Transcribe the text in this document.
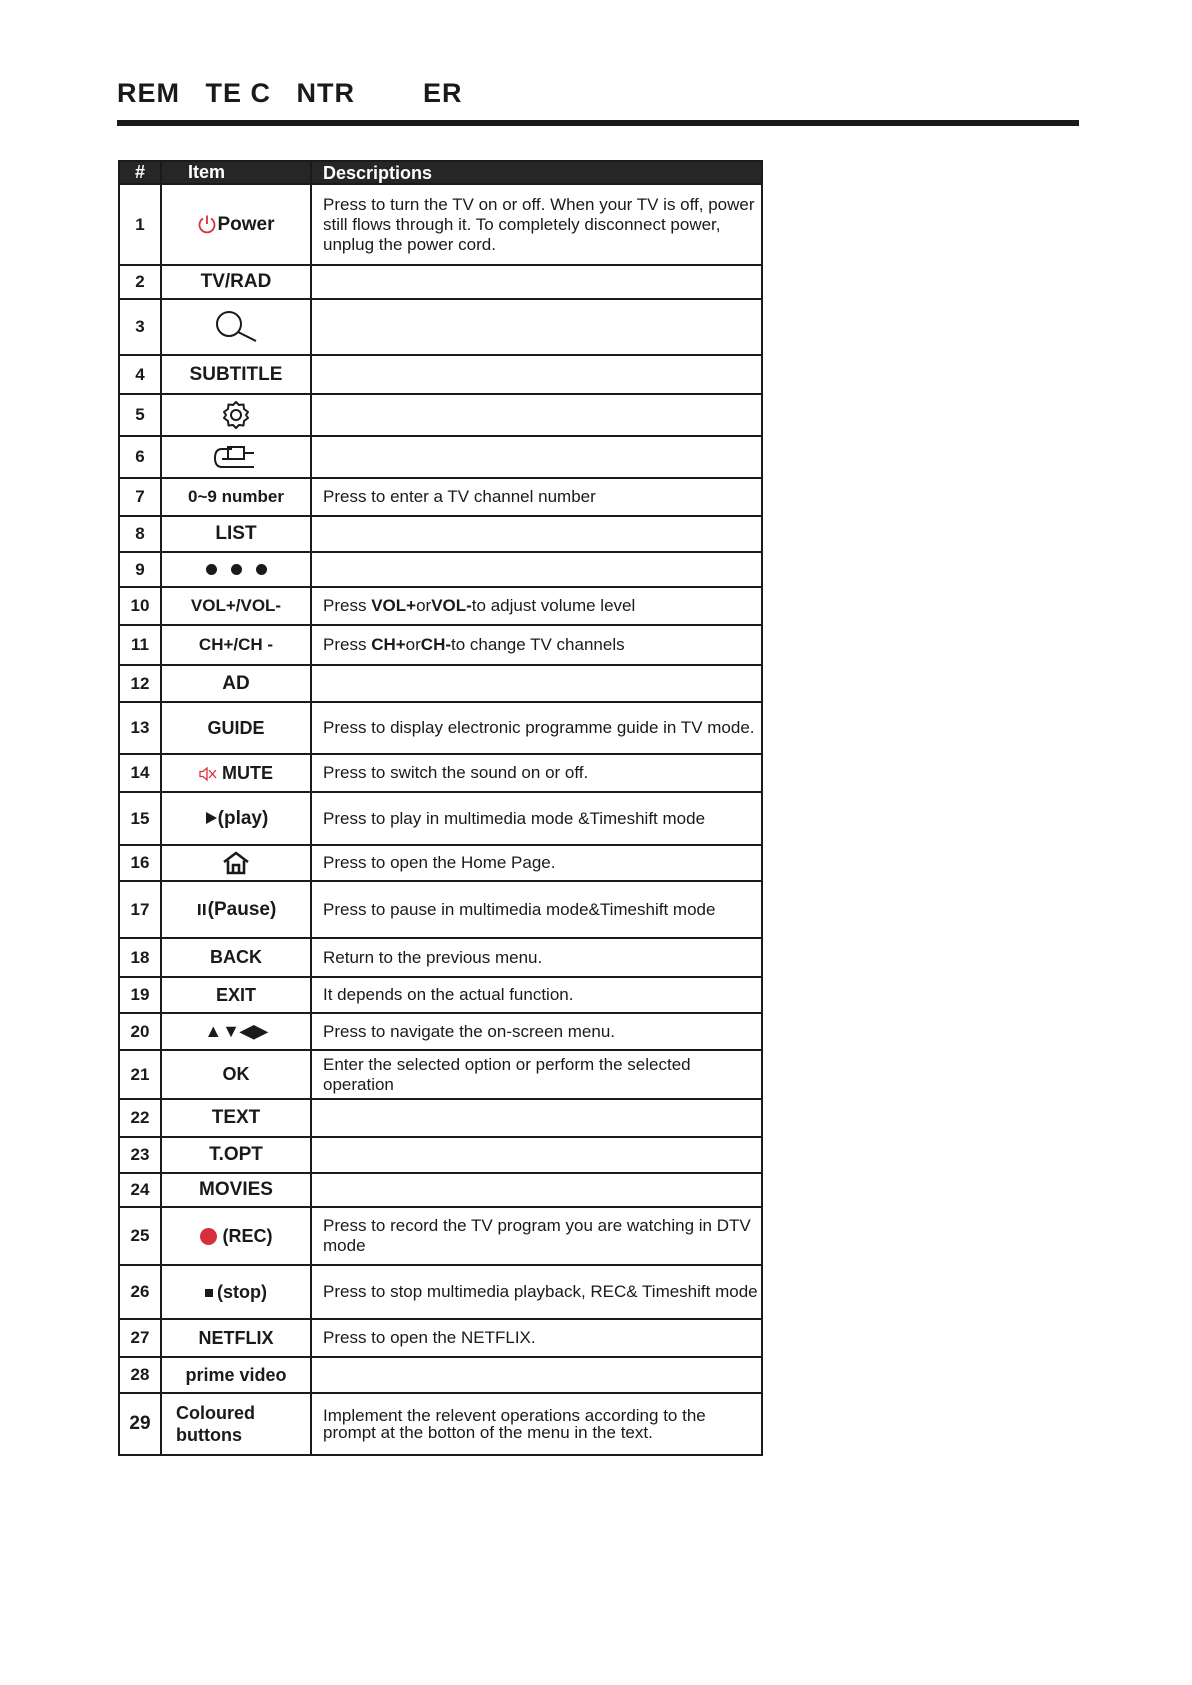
REM   TE C   NTR        ER
#	Item	Descriptions
1	Power	Press to turn the TV on or off. When your TV is off, power still flows through it. To completely disconnect power, unplug the power cord.
2	TV/RAD	
3		
4	SUBTITLE	
5		
6		
7	0~9 number	Press to enter a TV channel number
8	LIST	
9		
10	VOL+/VOL-	Press VOL+orVOL-to adjust volume level
11	CH+/CH -	Press CH+orCH-to change TV channels
12	AD	
13	GUIDE	Press to display electronic programme guide in TV mode.
14	MUTE	Press to switch the sound on or off.
15	(play)	Press to play in multimedia mode &Timeshift mode
16		Press to open the Home Page.
17	(Pause)	Press to pause in multimedia mode&Timeshift mode
18	BACK	Return to the previous menu.
19	EXIT	It depends on the actual function.
20	▲▼◀▶	Press to navigate the on-screen menu.
21	OK	Enter the selected option or perform the selected operation
22	TEXT	
23	T.OPT	
24	MOVIES	
25	(REC)	Press to record the TV program you are watching in DTV mode
26	(stop)	Press to stop multimedia playback, REC& Timeshift mode
27	NETFLIX	Press to open the NETFLIX.
28	prime video	
29	Coloured buttons	Implement the relevent operations according to the prompt at the botton of the menu in the text.
